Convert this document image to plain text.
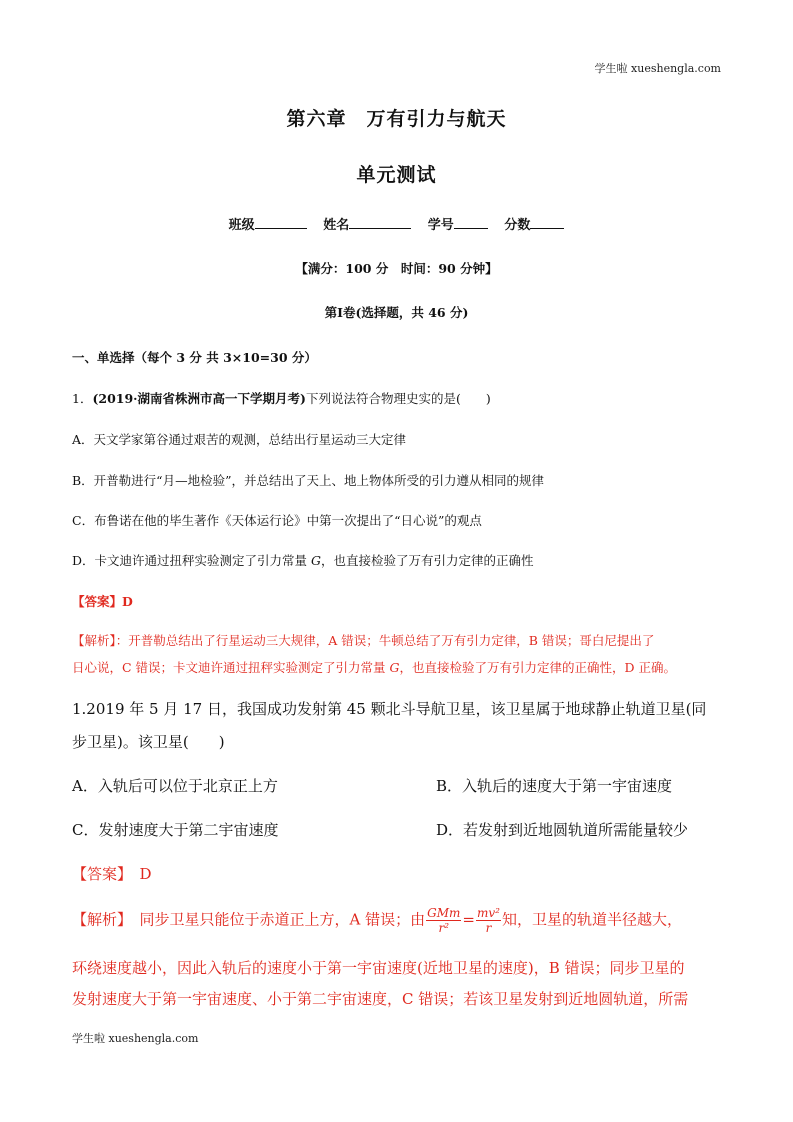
学生啦 xueshengla.com
第六章　万有引力与航天
单元测试
班级	姓名	学号	分数
【满分：100 分　时间：90 分钟】
第Ⅰ卷(选择题，共 46 分)
一、单选择（每个 3 分 共 3×10=30 分）
1．(2019·湖南省株洲市高一下学期月考)下列说法符合物理史实的是(　　)
A．天文学家第谷通过艰苦的观测，总结出行星运动三大定律
B．开普勒进行“月—地检验”，并总结出了天上、地上物体所受的引力遵从相同的规律
C．布鲁诺在他的毕生著作《天体运行论》中第一次提出了“日心说”的观点
D．卡文迪许通过扭秤实验测定了引力常量 G，也直接检验了万有引力定律的正确性
【答案】D
【解析】：开普勒总结出了行星运动三大规律，A 错误；牛顿总结了万有引力定律，B 错误；哥白尼提出了
日心说，C 错误；卡文迪许通过扭秤实验测定了引力常量 G，也直接检验了万有引力定律的正确性，D 正确。
1.2019 年 5 月 17 日，我国成功发射第 45 颗北斗导航卫星，该卫星属于地球静止轨道卫星(同
步卫星)。该卫星(　　)
A．入轨后可以位于北京正上方	B．入轨后的速度大于第一宇宙速度
C．发射速度大于第二宇宙速度	D．若发射到近地圆轨道所需能量较少
【答案】　D
【解析】　同步卫星只能位于赤道正上方，A 错误；由 $\frac{\text{GMm}}{\text{r²}} = \frac{\text{mv²}}{r}$ 知，卫星的轨道半径越大，
环绕速度越小，因此入轨后的速度小于第一宇宙速度(近地卫星的速度)，B 错误；同步卫星的
发射速度大于第一宇宙速度、小于第二宇宙速度，C 错误；若该卫星发射到近地圆轨道，所需
学生啦 xueshengla.com
